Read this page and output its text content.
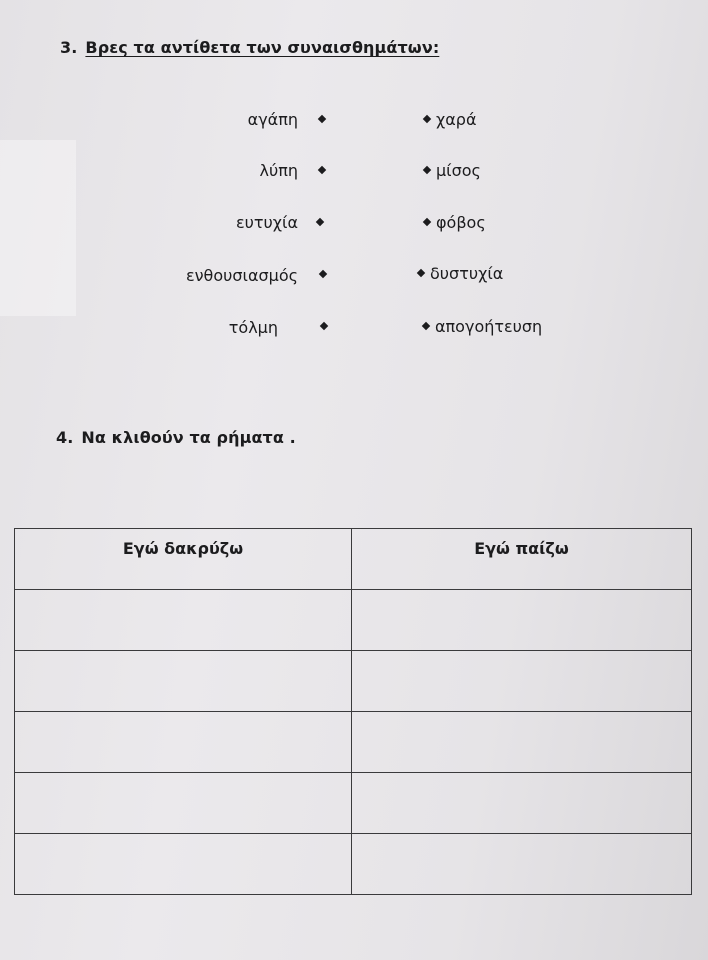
3. Βρες τα αντίθετα των συναισθημάτων:
αγάπη
λύπη
ευτυχία
ενθουσιασμός
τόλμη
χαρά
μίσος
φόβος
δυστυχία
απογοήτευση
4. Να κλιθούν τα ρήματα .
Εγώ δακρύζω	Εγώ παίζω
